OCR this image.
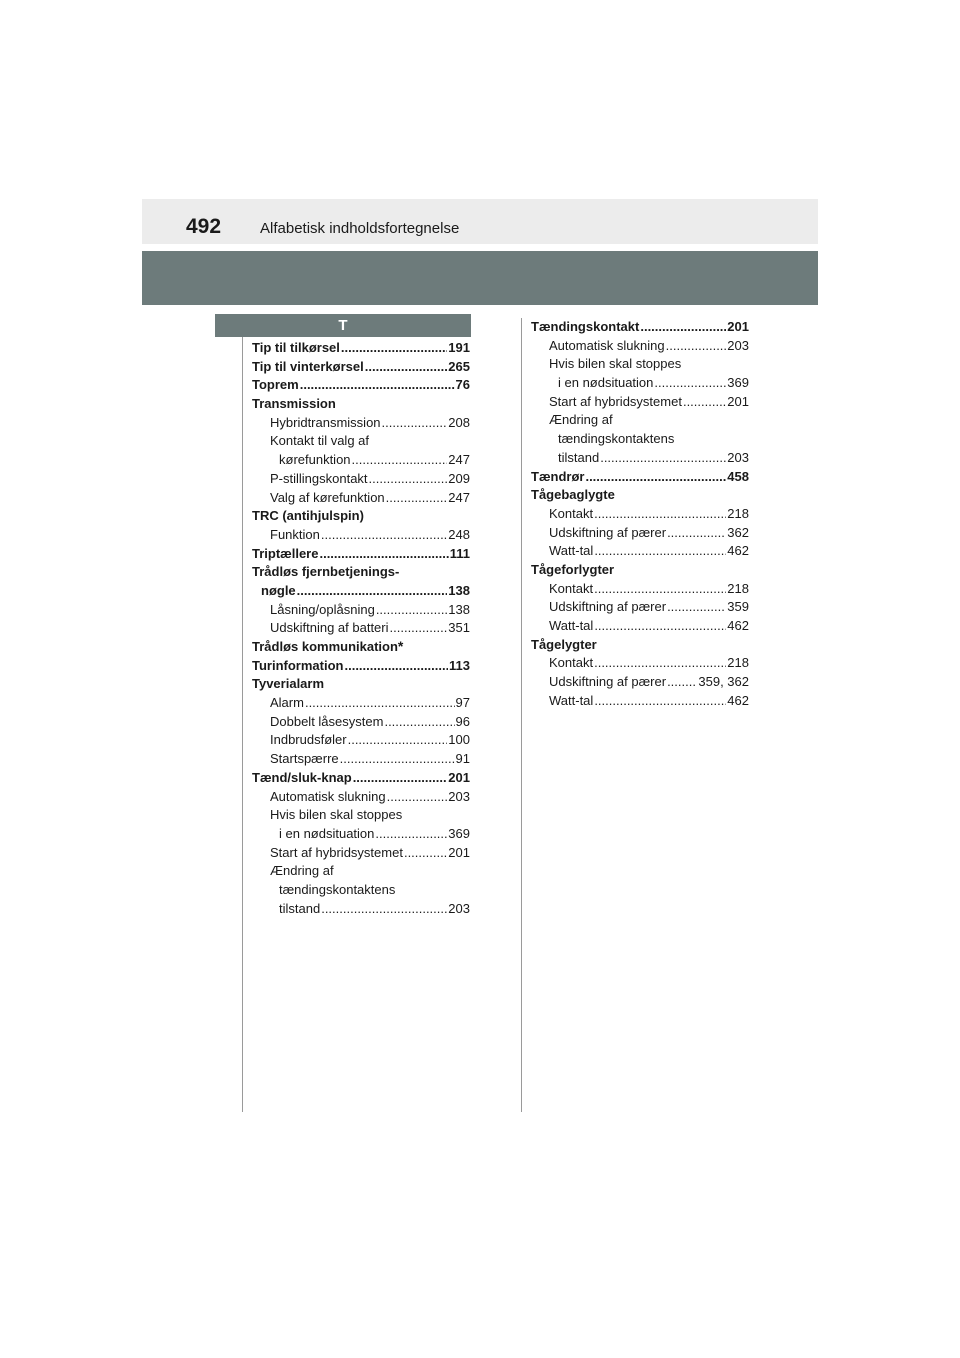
492	Alfabetisk indholdsfortegnelse
T
Tip til tilkørsel .....	191
Tip til vinterkørsel .....	265
Toprem .....	76
Transmission
Hybridtransmission .....	208
Kontakt til valg af
kørefunktion .....	247
P-stillingskontakt .....	209
Valg af kørefunktion .....	247
TRC (antihjulspin)
Funktion .....	248
Triptællere .....	111
Trådløs fjernbetjenings-
nøgle .....	138
Låsning/oplåsning .....	138
Udskiftning af batteri .....	351
Trådløs kommunikation *
Turinformation .....	113
Tyverialarm
Alarm .....	97
Dobbelt låsesystem .....	96
Indbrudsføler .....	100
Startspærre .....	91
Tænd/sluk-knap .....	201
Automatisk slukning .....	203
Hvis bilen skal stoppes
i en nødsituation .....	369
Start af hybridsystemet .....	201
Ændring af
tændingskontaktens
tilstand .....	203
Tændingskontakt .....	201
Automatisk slukning .....	203
Hvis bilen skal stoppes
i en nødsituation .....	369
Start af hybridsystemet .....	201
Ændring af
tændingskontaktens
tilstand .....	203
Tændrør .....	458
Tågebaglygte
Kontakt .....	218
Udskiftning af pærer .....	362
Watt-tal .....	462
Tågeforlygter
Kontakt .....	218
Udskiftning af pærer .....	359
Watt-tal .....	462
Tågelygter
Kontakt .....	218
Udskiftning af pærer ..... 359, 362
Watt-tal .....	462
